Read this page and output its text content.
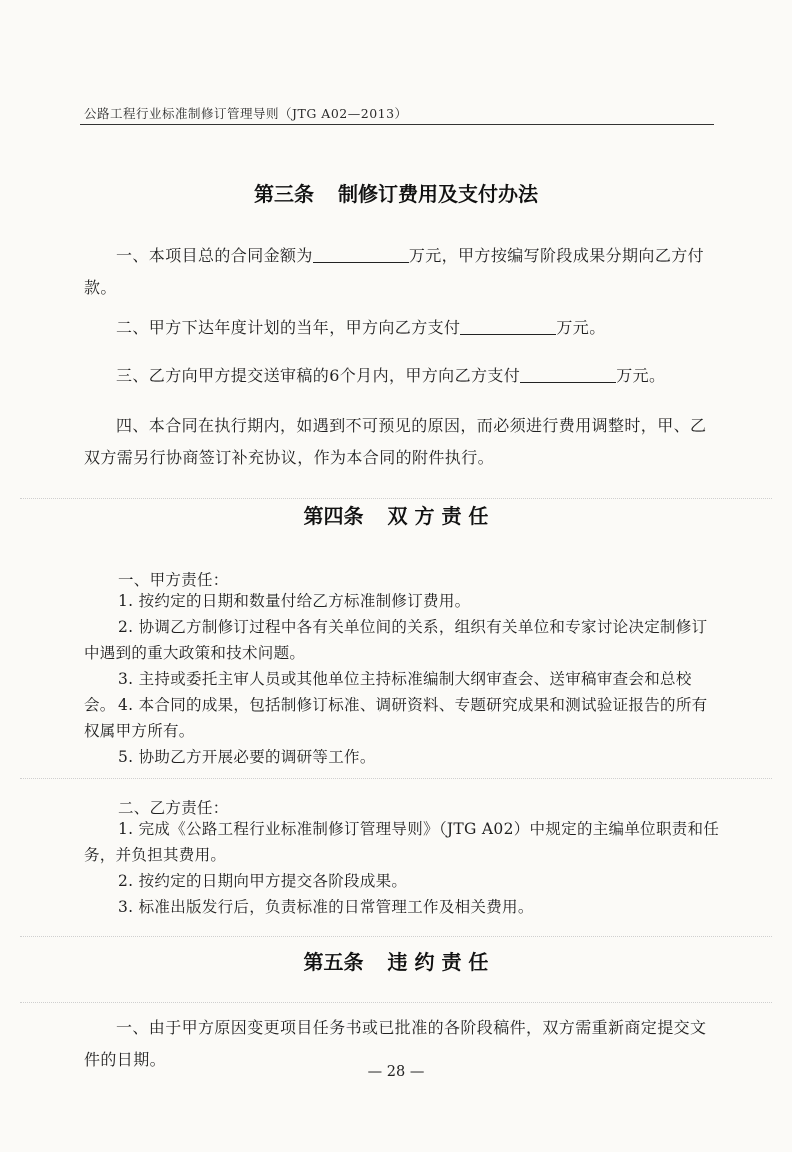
公路工程行业标准制修订管理导则（JTG A02—2013）
第三条 制修订费用及支付办法

一、本项目总的合同金额为	万元，甲方按编写阶段成果分期向乙方付款。

二、甲方下达年度计划的当年，甲方向乙方支付	万元。

三、乙方向甲方提交送审稿的6个月内，甲方向乙方支付	万元。

四、本合同在执行期内，如遇到不可预见的原因，而必须进行费用调整时，甲、乙双方需另行协商签订补充协议，作为本合同的附件执行。

第四条 双 方 责 任
一、甲方责任：

1. 按约定的日期和数量付给乙方标准制修订费用。

2. 协调乙方制修订过程中各有关单位间的关系，组织有关单位和专家讨论决定制修订中遇到的重大政策和技术问题。

3. 主持或委托主审人员或其他单位主持标准编制大纲审查会、送审稿审查会和总校会。 4. 本合同的成果，包括制修订标准、调研资料、专题研究成果和测试验证报告的所有权属甲方所有。

5. 协助乙方开展必要的调研等工作。

二、乙方责任：

1. 完成《公路工程行业标准制修订管理导则》（JTG A02）中规定的主编单位职责和任务，并负担其费用。

2. 按约定的日期向甲方提交各阶段成果。

3. 标准出版发行后，负责标准的日常管理工作及相关费用。

第五条 违 约 责 任

一、由于甲方原因变更项目任务书或已批准的各阶段稿件，双方需重新商定提交文件的日期。

— 28 —
